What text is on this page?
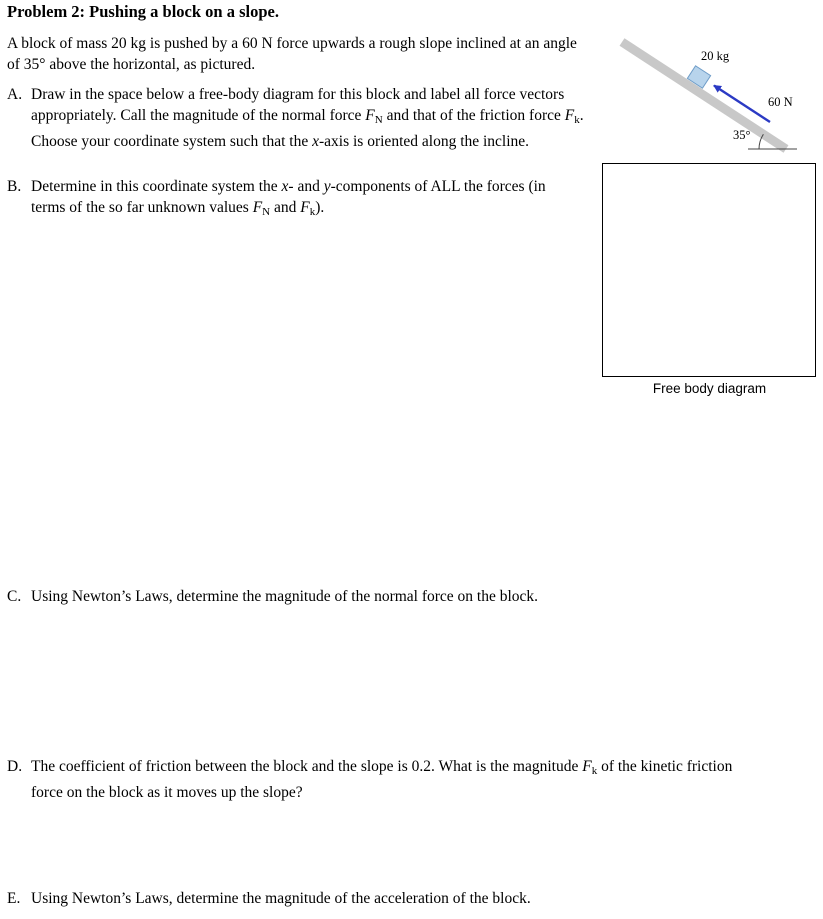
Problem 2: Pushing a block on a slope.

A block of mass 20 kg is pushed by a 60 N force upwards a rough slope inclined at an angle of 35° above the horizontal, as pictured.

A. Draw in the space below a free-body diagram for this block and label all force vectors appropriately. Call the magnitude of the normal force $F_N$ and that of the friction force $F_k$. Choose your coordinate system such that the x-axis is oriented along the incline.
B. Determine in this coordinate system the x- and y-components of ALL the forces (in terms of the so far unknown values $F_N$ and $F_k$).
C. Using Newton’s Laws, determine the magnitude of the normal force on the block.
D. The coefficient of friction between the block and the slope is 0.2. What is the magnitude $F_k$ of the kinetic friction force on the block as it moves up the slope?
E. Using Newton’s Laws, determine the magnitude of the acceleration of the block.
20 kg
60 N
35°
Free body diagram
